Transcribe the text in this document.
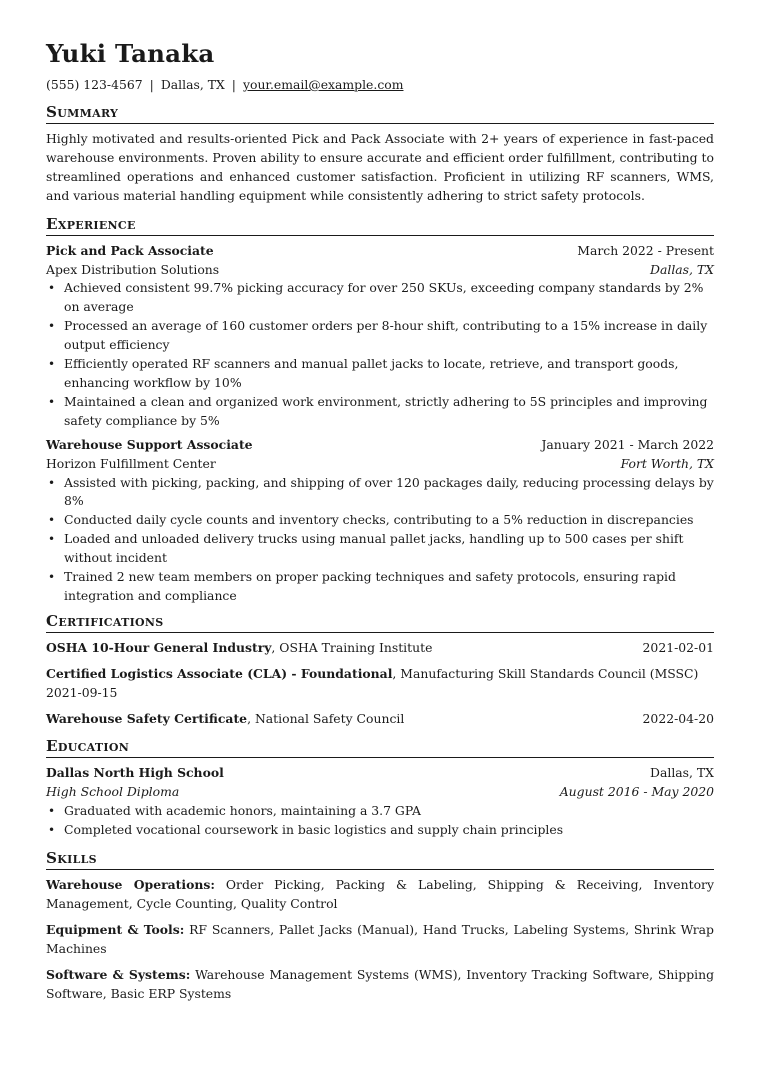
Yuki Tanaka
(555) 123-4567 | Dallas, TX | your.email@example.com
Summary
Highly motivated and results-oriented Pick and Pack Associate with 2+ years of experience in fast-paced warehouse environments. Proven ability to ensure accurate and efficient order fulfillment, contributing to streamlined operations and enhanced customer satisfaction. Proficient in utilizing RF scanners, WMS, and various material handling equipment while consistently adhering to strict safety protocols.
Experience
Pick and Pack Associate	March 2022 - Present
Apex Distribution Solutions	Dallas, TX
• Achieved consistent 99.7% picking accuracy for over 250 SKUs, exceeding company standards by 2% on average
• Processed an average of 160 customer orders per 8-hour shift, contributing to a 15% increase in daily output efficiency
• Efficiently operated RF scanners and manual pallet jacks to locate, retrieve, and transport goods, enhancing workflow by 10%
• Maintained a clean and organized work environment, strictly adhering to 5S principles and improving safety compliance by 5%
Warehouse Support Associate	January 2021 - March 2022
Horizon Fulfillment Center	Fort Worth, TX
• Assisted with picking, packing, and shipping of over 120 packages daily, reducing processing delays by 8%
• Conducted daily cycle counts and inventory checks, contributing to a 5% reduction in discrepancies
• Loaded and unloaded delivery trucks using manual pallet jacks, handling up to 500 cases per shift without incident
• Trained 2 new team members on proper packing techniques and safety protocols, ensuring rapid integration and compliance
Certifications
OSHA 10-Hour General Industry, OSHA Training Institute	2021-02-01
Certified Logistics Associate (CLA) - Foundational, Manufacturing Skill Standards Council (MSSC)
2021-09-15
Warehouse Safety Certificate, National Safety Council	2022-04-20
Education
Dallas North High School	Dallas, TX
High School Diploma	August 2016 - May 2020
• Graduated with academic honors, maintaining a 3.7 GPA
• Completed vocational coursework in basic logistics and supply chain principles
Skills
Warehouse Operations: Order Picking, Packing & Labeling, Shipping & Receiving, Inventory Management, Cycle Counting, Quality Control
Equipment & Tools: RF Scanners, Pallet Jacks (Manual), Hand Trucks, Labeling Systems, Shrink Wrap Machines
Software & Systems: Warehouse Management Systems (WMS), Inventory Tracking Software, Shipping Software, Basic ERP Systems
